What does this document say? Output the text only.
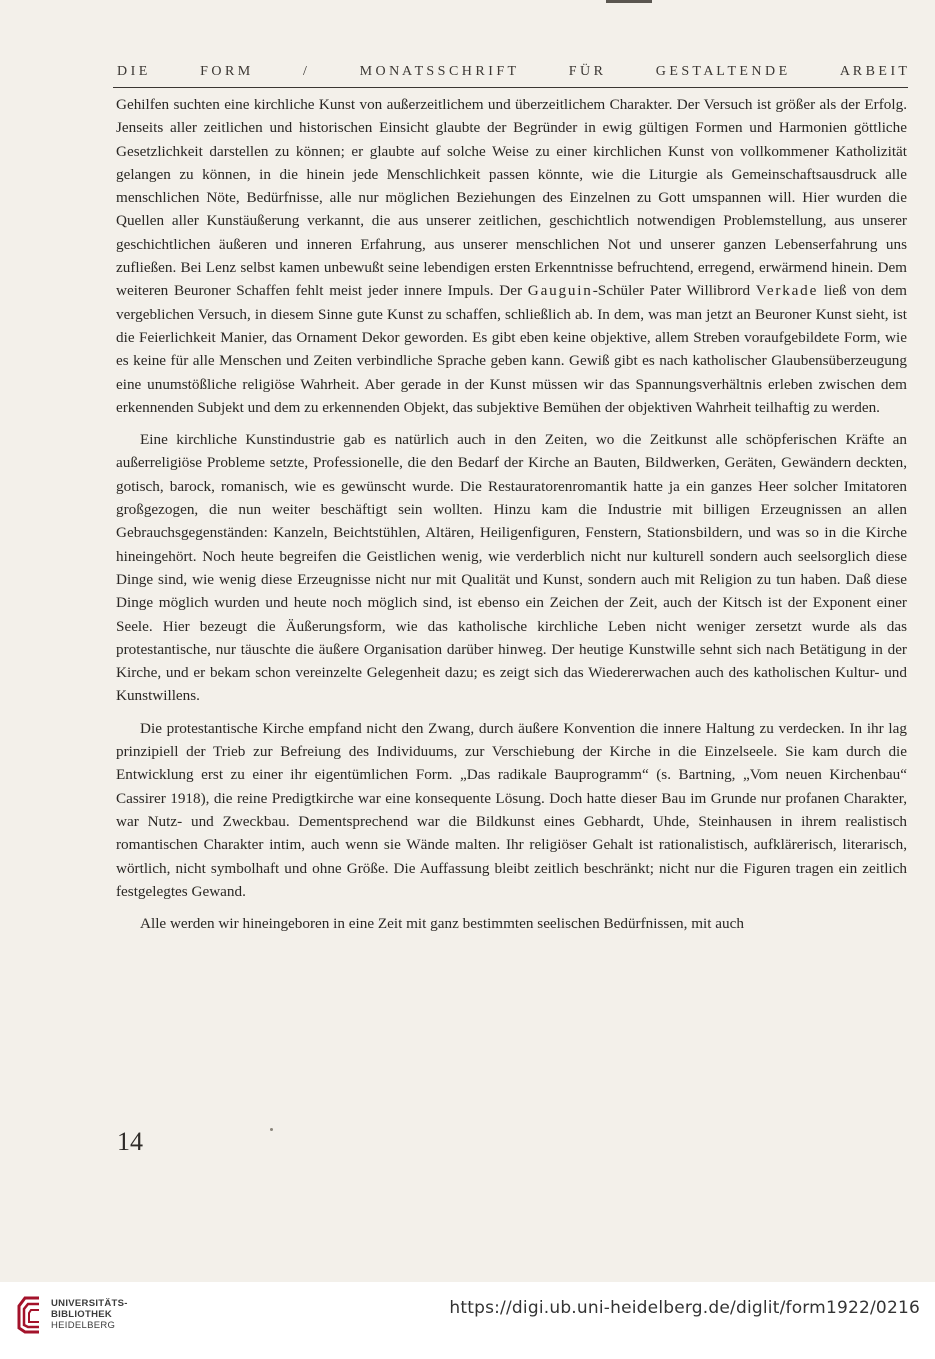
D I E	F O R M	/	M O N A T S S C H R I F T	F Ü R	G E S T A L T E N D E	A R B E I T

Gehilfen suchten eine kirchliche Kunst von außerzeitlichem und überzeitlichem Charakter. Der Versuch ist größer als der Erfolg. Jenseits aller zeitlichen und historischen Einsicht glaubte der Begründer in ewig gültigen Formen und Harmonien göttliche Gesetzlichkeit darstellen zu können; er glaubte auf solche Weise zu einer kirchlichen Kunst von vollkommener Katholizität gelangen zu können, in die hinein jede Menschlichkeit passen könnte, wie die Liturgie als Gemeinschaftsausdruck alle menschlichen Nöte, Bedürfnisse, alle nur möglichen Beziehungen des Einzelnen zu Gott umspannen will. Hier wurden die Quellen aller Kunstäußerung verkannt, die aus unserer zeitlichen, geschichtlich notwendigen Problemstellung, aus unserer geschichtlichen äußeren und inneren Erfahrung, aus unserer menschlichen Not und unserer ganzen Lebenserfahrung uns zufließen. Bei Lenz selbst kamen unbewußt seine lebendigen ersten Erkenntnisse befruchtend, erregend, erwärmend hinein. Dem weiteren Beuroner Schaffen fehlt meist jeder innere Impuls. Der Gauguin-Schüler Pater Willibrord Verkade ließ von dem vergeblichen Versuch, in diesem Sinne gute Kunst zu schaffen, schließlich ab. In dem, was man jetzt an Beuroner Kunst sieht, ist die Feierlichkeit Manier, das Ornament Dekor geworden. Es gibt eben keine objektive, allem Streben voraufgebildete Form, wie es keine für alle Menschen und Zeiten verbindliche Sprache geben kann. Gewiß gibt es nach katholischer Glaubensüberzeugung eine unumstößliche religiöse Wahrheit. Aber gerade in der Kunst müssen wir das Spannungsverhältnis erleben zwischen dem erkennenden Subjekt und dem zu erkennenden Objekt, das subjektive Bemühen der objektiven Wahrheit teilhaftig zu werden.

Eine kirchliche Kunstindustrie gab es natürlich auch in den Zeiten, wo die Zeitkunst alle schöpferischen Kräfte an außerreligiöse Probleme setzte, Professionelle, die den Bedarf der Kirche an Bauten, Bildwerken, Geräten, Gewändern deckten, gotisch, barock, romanisch, wie es gewünscht wurde. Die Restauratorenromantik hatte ja ein ganzes Heer solcher Imitatoren großgezogen, die nun weiter beschäftigt sein wollten. Hinzu kam die Industrie mit billigen Erzeugnissen an allen Gebrauchsgegenständen: Kanzeln, Beichtstühlen, Altären, Heiligenfiguren, Fenstern, Stationsbildern, und was so in die Kirche hineingehört. Noch heute begreifen die Geistlichen wenig, wie verderblich nicht nur kulturell sondern auch seelsorglich diese Dinge sind, wie wenig diese Erzeugnisse nicht nur mit Qualität und Kunst, sondern auch mit Religion zu tun haben. Daß diese Dinge möglich wurden und heute noch möglich sind, ist ebenso ein Zeichen der Zeit, auch der Kitsch ist der Exponent einer Seele. Hier bezeugt die Äußerungsform, wie das katholische kirchliche Leben nicht weniger zersetzt wurde als das protestantische, nur täuschte die äußere Organisation darüber hinweg. Der heutige Kunstwille sehnt sich nach Betätigung in der Kirche, und er bekam schon vereinzelte Gelegenheit dazu; es zeigt sich das Wiedererwachen auch des katholischen Kultur- und Kunstwillens.

Die protestantische Kirche empfand nicht den Zwang, durch äußere Konvention die innere Haltung zu verdecken. In ihr lag prinzipiell der Trieb zur Befreiung des Individuums, zur Verschiebung der Kirche in die Einzelseele. Sie kam durch die Entwicklung erst zu einer ihr eigentümlichen Form. „Das radikale Bauprogramm“ (s. Bartning, „Vom neuen Kirchenbau“ Cassirer 1918), die reine Predigtkirche war eine konsequente Lösung. Doch hatte dieser Bau im Grunde nur profanen Charakter, war Nutz- und Zweckbau. Dementsprechend war die Bildkunst eines Gebhardt, Uhde, Steinhausen in ihrem realistisch romantischen Charakter intim, auch wenn sie Wände malten. Ihr religiöser Gehalt ist rationalistisch, aufklärerisch, literarisch, wörtlich, nicht symbolhaft und ohne Größe. Die Auffassung bleibt zeitlich beschränkt; nicht nur die Figuren tragen ein zeitlich festgelegtes Gewand.

Alle werden wir hineingeboren in eine Zeit mit ganz bestimmten seelischen Bedürfnissen, mit auch

14
UNIVERSITÄTS-
BIBLIOTHEK
HEIDELBERG
https://digi.ub.uni-heidelberg.de/diglit/form1922/0216
